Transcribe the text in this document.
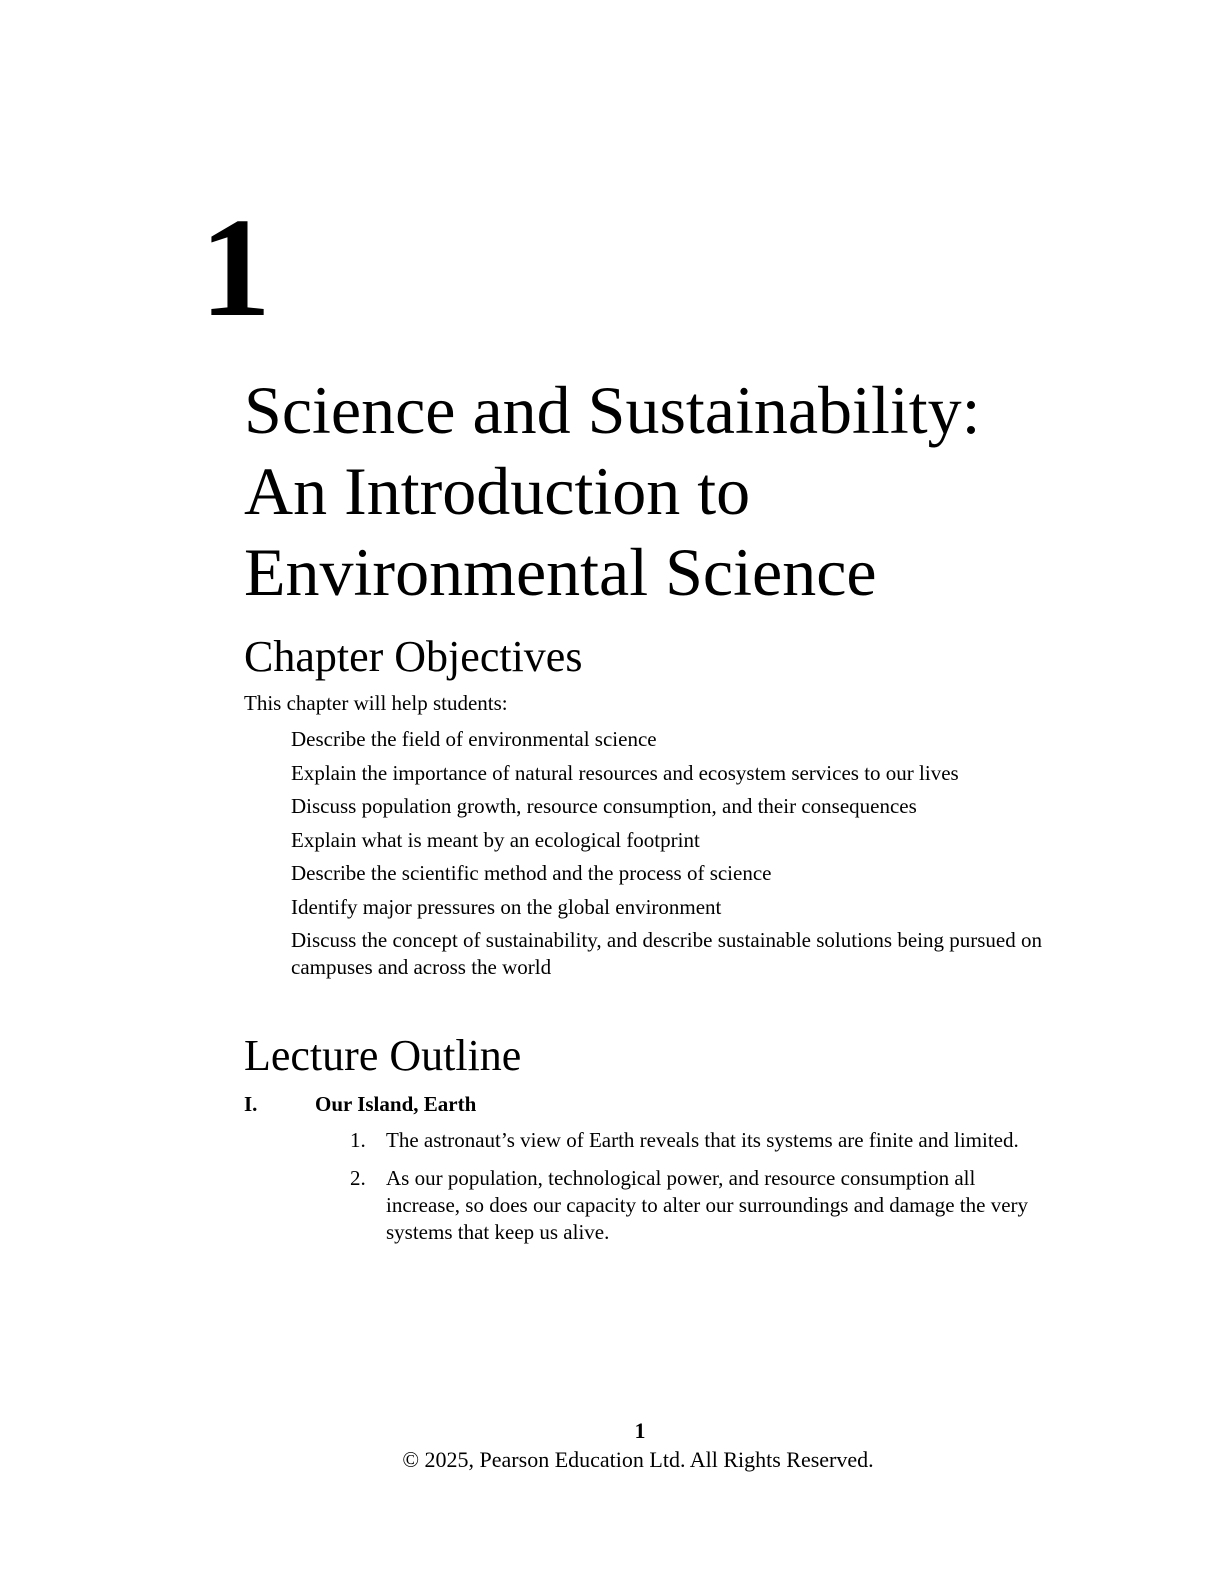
1
Science and Sustainability:
An Introduction to
Environmental Science
Chapter Objectives

This chapter will help students:

Describe the field of environmental science
Explain the importance of natural resources and ecosystem services to our lives
Discuss population growth, resource consumption, and their consequences
Explain what is meant by an ecological footprint
Describe the scientific method and the process of science
Identify major pressures on the global environment
Discuss the concept of sustainability, and describe sustainable solutions being pursued on campuses and across the world
Lecture Outline
I.	Our Island, Earth
1. The astronaut’s view of Earth reveals that its systems are finite and limited.
2. As our population, technological power, and resource consumption all increase, so does our capacity to alter our surroundings and damage the very systems that keep us alive.
1
© 2025, Pearson Education Ltd. All Rights Reserved.
